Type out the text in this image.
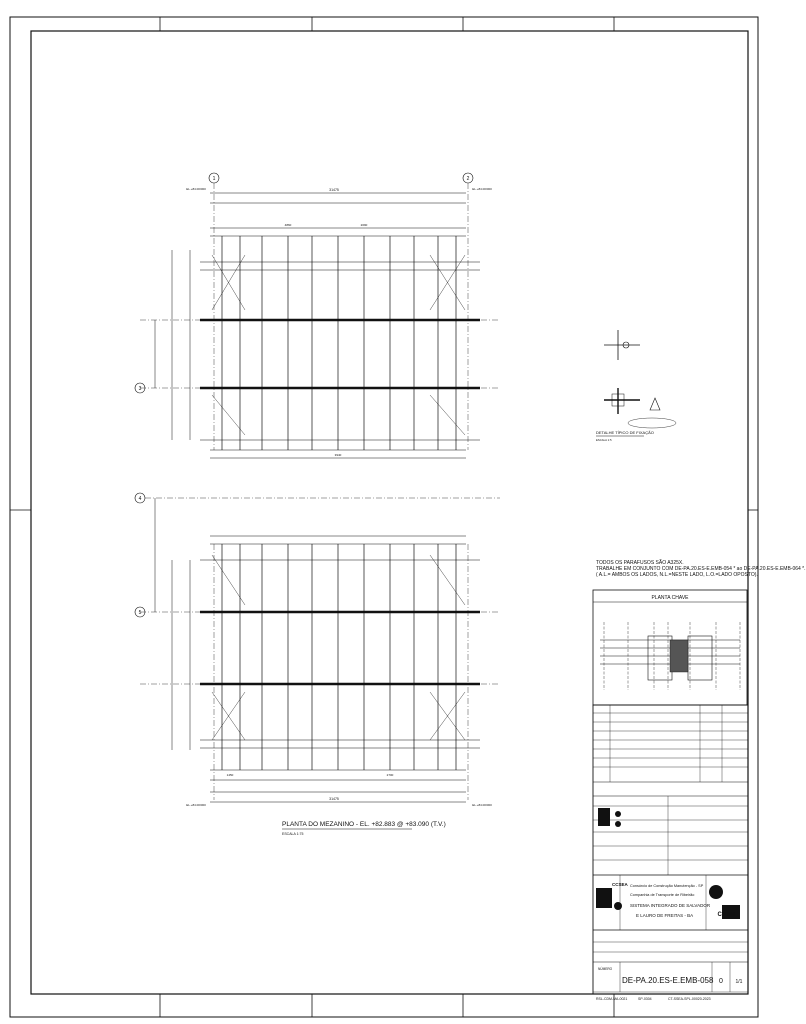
31475
31475
EL.+84.00/000	EL.+84.00/000
EL.+84.00/000	EL.+84.00/000
4860	2090
3940
2700
1450
1	2
3
4
5
PLANTA DO MEZANINO - EL. +82.883 @ +83.090 (T.V.)
ESCALA 1:75
DETALHE TÍPICO DE FIXAÇÃO
ESCALA 1:5
PLANTA CHAVE
Consórcio de Construção Manutenção - SP
Companhia de Transporte de Ribeirão
SISTEMA INTEGRADO DE SALVADOR
E LAURO DE FREITAS - BA	CPTM
CCSEA
NÚMERO
DE-PA.20.ES-E.EMB-058 0	1/1
RSL-CDM-MA-0021	SP-0304	CT-SSEA-SPL-00020-2023
TODOS OS PARAFUSOS SÃO A325X.
TRABALHE EM CONJUNTO COM DE-PA.20.ES-E.EMB-054 * ao DE-PA.20.ES-E.EMB-064 *.
( A.L.= AMBOS OS LADOS, N.L.=NESTE LADO, L.O.=LADO OPOSTO).
